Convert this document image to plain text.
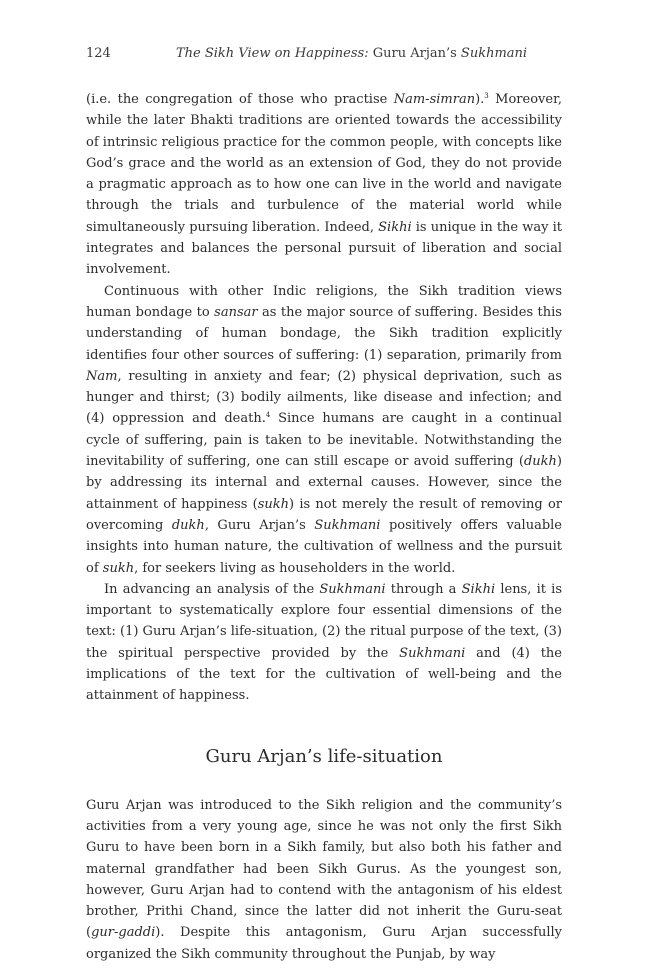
124	The Sikh View on Happiness: Guru Arjan’s Sukhmani

(i.e. the congregation of those who practise Nam-simran).$^3$ Moreover, while the later Bhakti traditions are oriented towards the accessibility of intrinsic religious practice for the common people, with concepts like God’s grace and the world as an extension of God, they do not provide a pragmatic approach as to how one can live in the world and navigate through the trials and turbulence of the material world while simultaneously pursuing liberation. Indeed, Sikhi is unique in the way it integrates and balances the personal pursuit of liberation and social involvement.

Continuous with other Indic religions, the Sikh tradition views human bondage to sansar as the major source of suffering. Besides this understanding of human bondage, the Sikh tradition explicitly identifies four other sources of suffering: (1) separation, primarily from Nam, resulting in anxiety and fear; (2) physical deprivation, such as hunger and thirst; (3) bodily ailments, like disease and infection; and (4) oppression and death.$^4$ Since humans are caught in a continual cycle of suffering, pain is taken to be inevitable. Notwithstanding the inevitability of suffering, one can still escape or avoid suffering (dukh) by addressing its internal and external causes. However, since the attainment of happiness (sukh) is not merely the result of removing or overcoming dukh, Guru Arjan’s Sukhmani positively offers valuable insights into human nature, the cultivation of wellness and the pursuit of sukh, for seekers living as householders in the world.

In advancing an analysis of the Sukhmani through a Sikhi lens, it is important to systematically explore four essential dimensions of the text: (1) Guru Arjan’s life-situation, (2) the ritual purpose of the text, (3) the spiritual perspective provided by the Sukhmani and (4) the implications of the text for the cultivation of well-being and the attainment of happiness.

Guru Arjan’s life-situation

Guru Arjan was introduced to the Sikh religion and the community’s activities from a very young age, since he was not only the first Sikh Guru to have been born in a Sikh family, but also both his father and maternal grandfather had been Sikh Gurus. As the youngest son, however, Guru Arjan had to contend with the antagonism of his eldest brother, Prithi Chand, since the latter did not inherit the Guru-seat (gur-gaddi). Despite this antagonism, Guru Arjan successfully organized the Sikh community throughout the Punjab, by way
